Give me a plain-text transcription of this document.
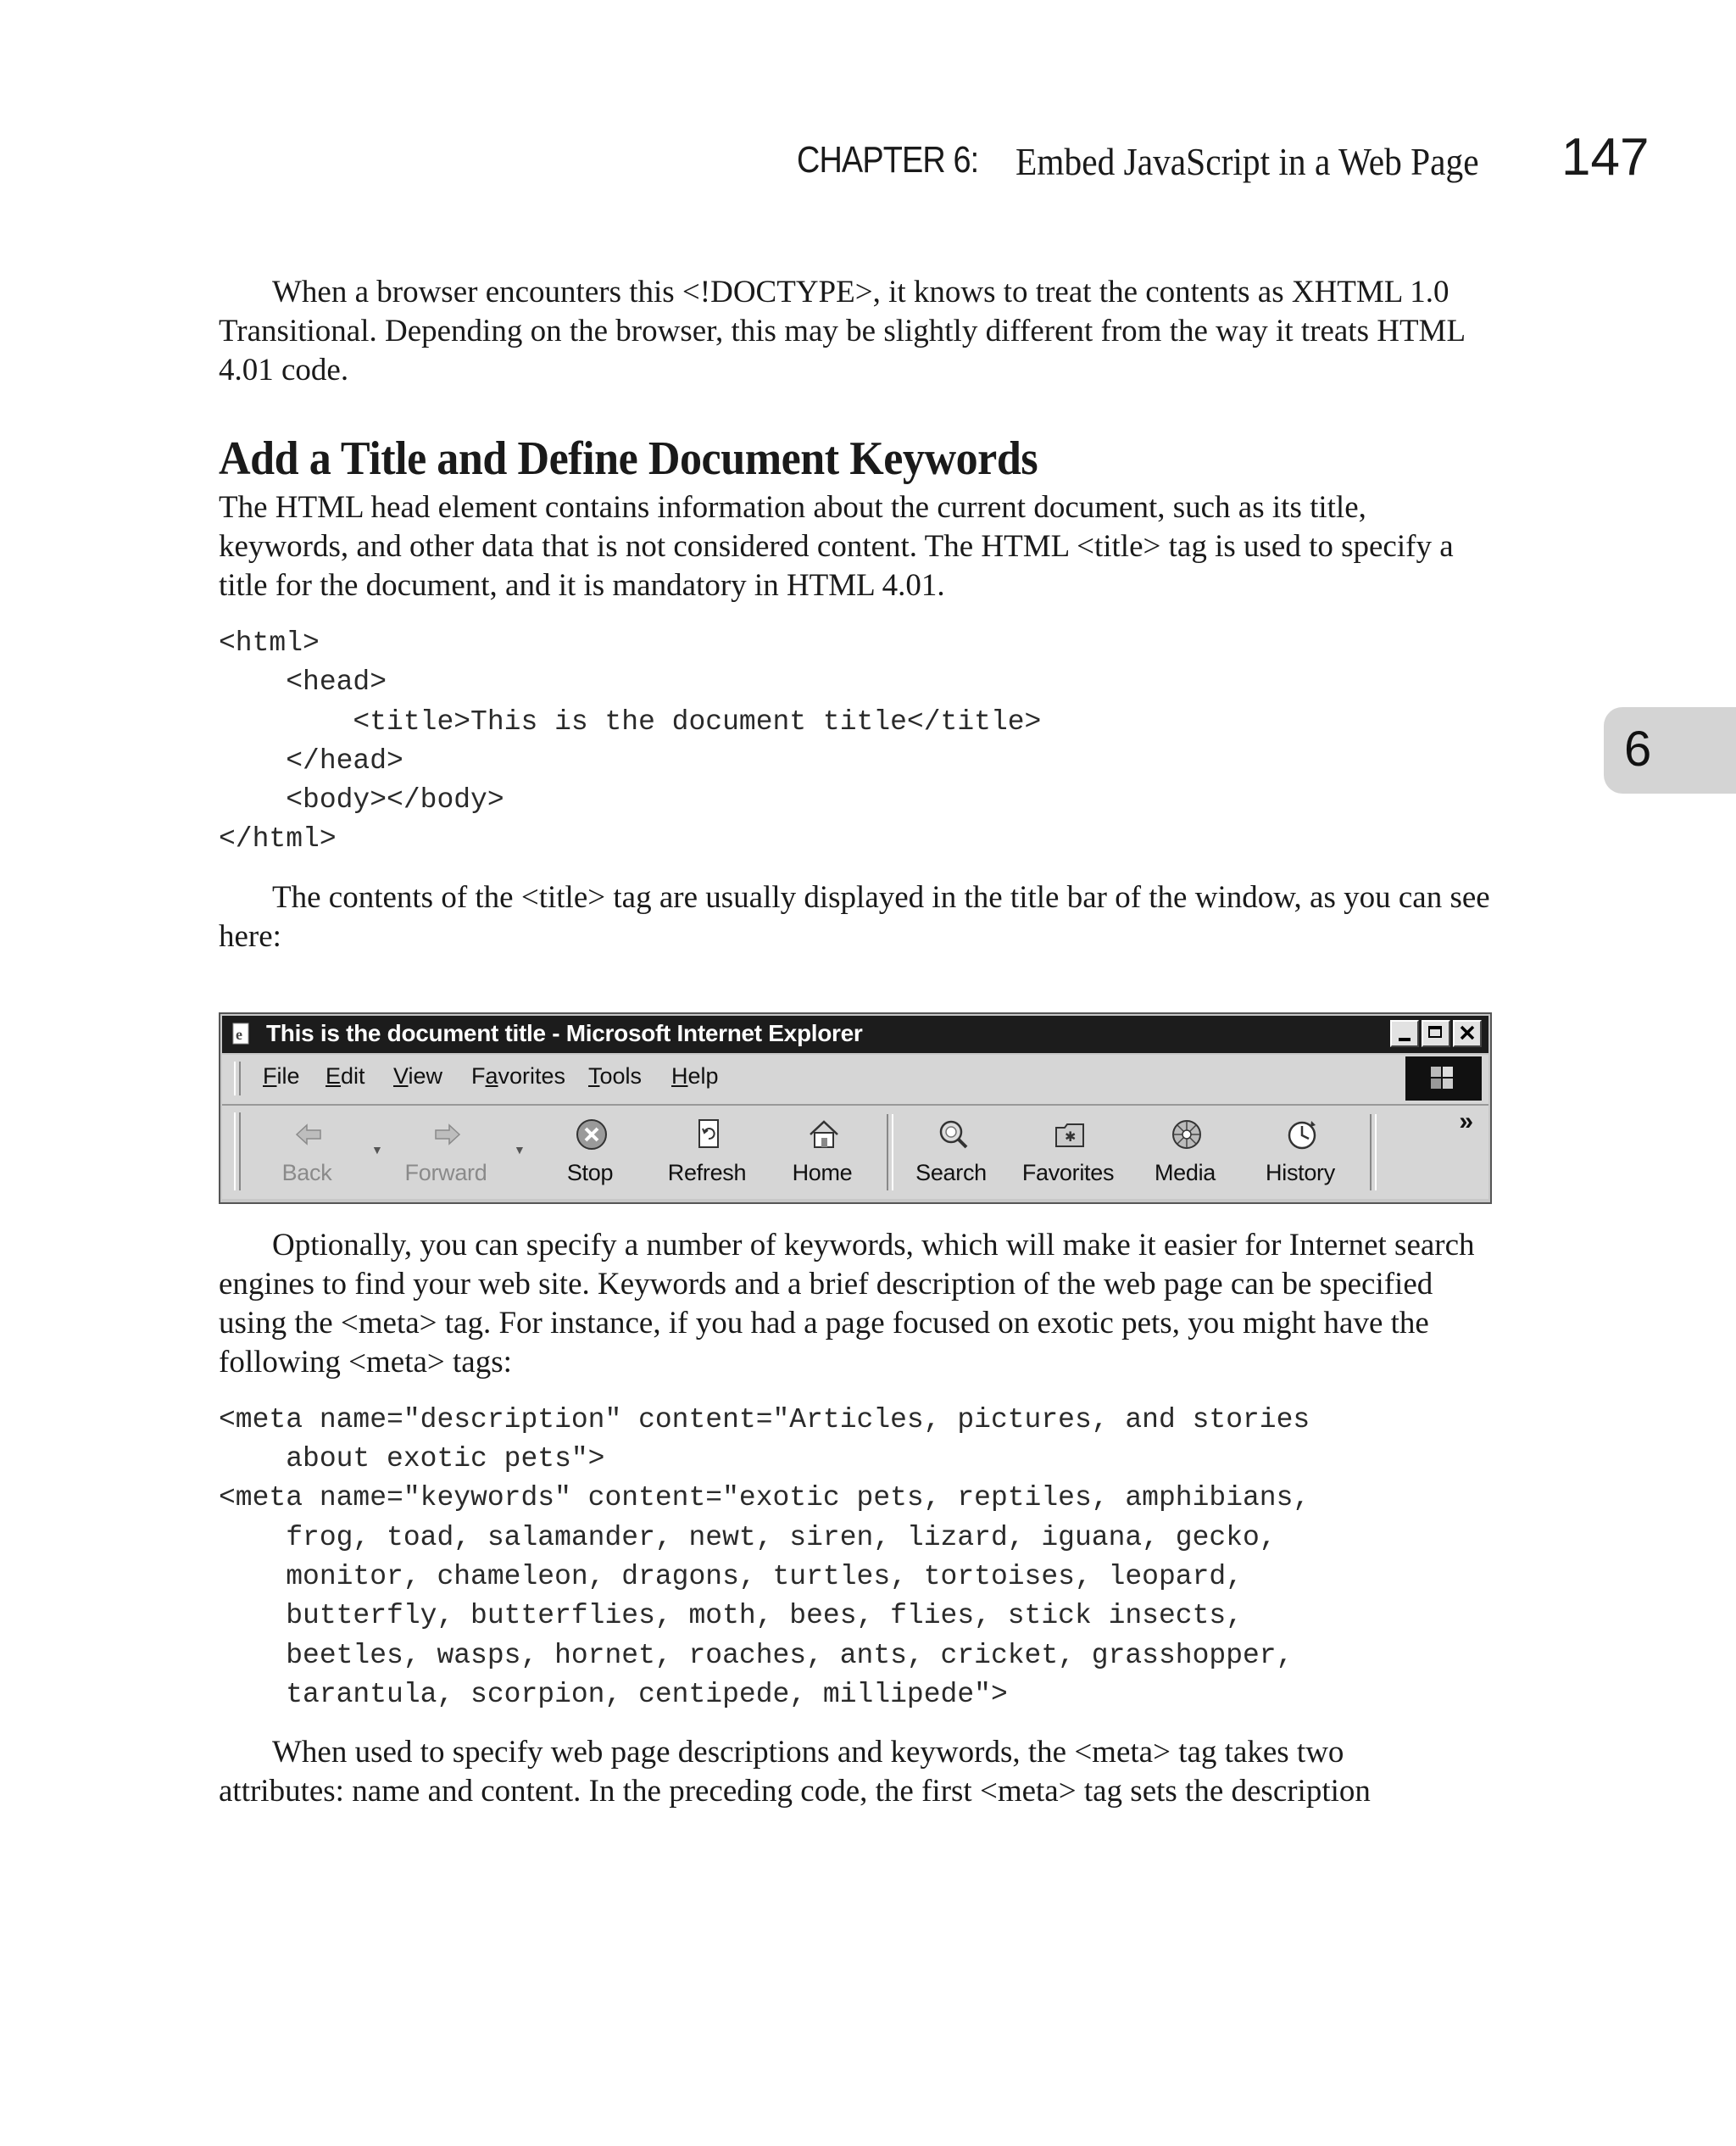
CHAPTER 6: Embed JavaScript in a Web Page 147
6

When a browser encounters this <!DOCTYPE>, it knows to treat the contents as XHTML 1.0 Transitional. Depending on the browser, this may be slightly different from the way it treats HTML 4.01 code.

Add a Title and Define Document Keywords

The HTML head element contains information about the current document, such as its title, keywords, and other data that is not considered content. The HTML <title> tag is used to specify a title for the document, and it is mandatory in HTML 4.01.

<html>
<head>
<title>This is the document title</title>
</head>
<body></body>
</html>

The contents of the <title> tag are usually displayed in the title bar of the window, as you can see here:

Optionally, you can specify a number of keywords, which will make it easier for Internet search engines to find your web site. Keywords and a brief description of the web page can be specified using the <meta> tag. For instance, if you had a page focused on exotic pets, you might have the following <meta> tags:

<meta name="description" content="Articles, pictures, and stories
about exotic pets">
<meta name="keywords" content="exotic pets, reptiles, amphibians,
frog, toad, salamander, newt, siren, lizard, iguana, gecko,
monitor, chameleon, dragons, turtles, tortoises, leopard,
butterfly, butterflies, moth, bees, flies, stick insects,
beetles, wasps, hornet, roaches, ants, cricket, grasshopper,
tarantula, scorpion, centipede, millipede">

When used to specify web page descriptions and keywords, the <meta> tag takes two attributes: name and content. In the preceding code, the first <meta> tag sets the description

e This is the document title - Microsoft Internet Explorer
File Edit View Favorites Tools Help
Back
▼
Forward
▼
Stop	Refresh	Home	Search
✱
Favorites	Media	History
»
